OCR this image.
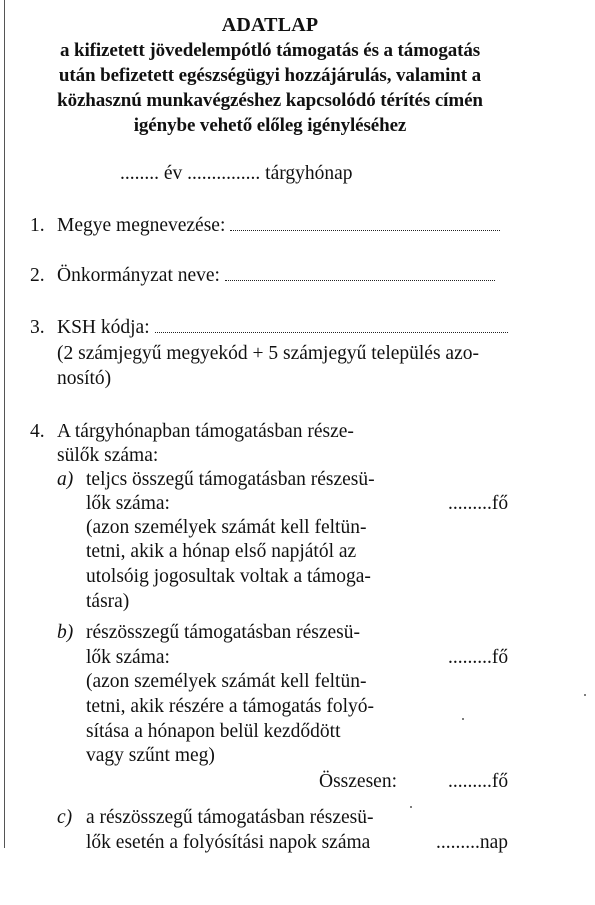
ADATLAP
a kifizetett jövedelempótló támogatás és a támogatás
után befizetett egészségügyi hozzájárulás, valamint a
közhasznú munkavégzéshez kapcsolódó térítés címén
igénybe vehető előleg igényléséhez
........ év ............... tárgyhónap
1. Megye megnevezése:
2. Önkormányzat neve:
3. KSH kódja:
(2 számjegyű megyekód + 5 számjegyű település azo-
nosító)
4. A tárgyhónapban támogatásban része-
sülők száma:
a) teljcs összegű támogatásban részesü-
lők száma:	.........fő
(azon személyek számát kell feltün-
tetni, akik a hónap első napjától az
utolsóig jogosultak voltak a támoga-
tásra)
b) részösszegű támogatásban részesü-
lők száma:	.........fő
(azon személyek számát kell feltün-
tetni, akik részére a támogatás folyó-
sítása a hónapon belül kezdődött
vagy szűnt meg)
Összesen:	.........fő
c) a részösszegű támogatásban részesü-
lők esetén a folyósítási napok száma	.........nap
